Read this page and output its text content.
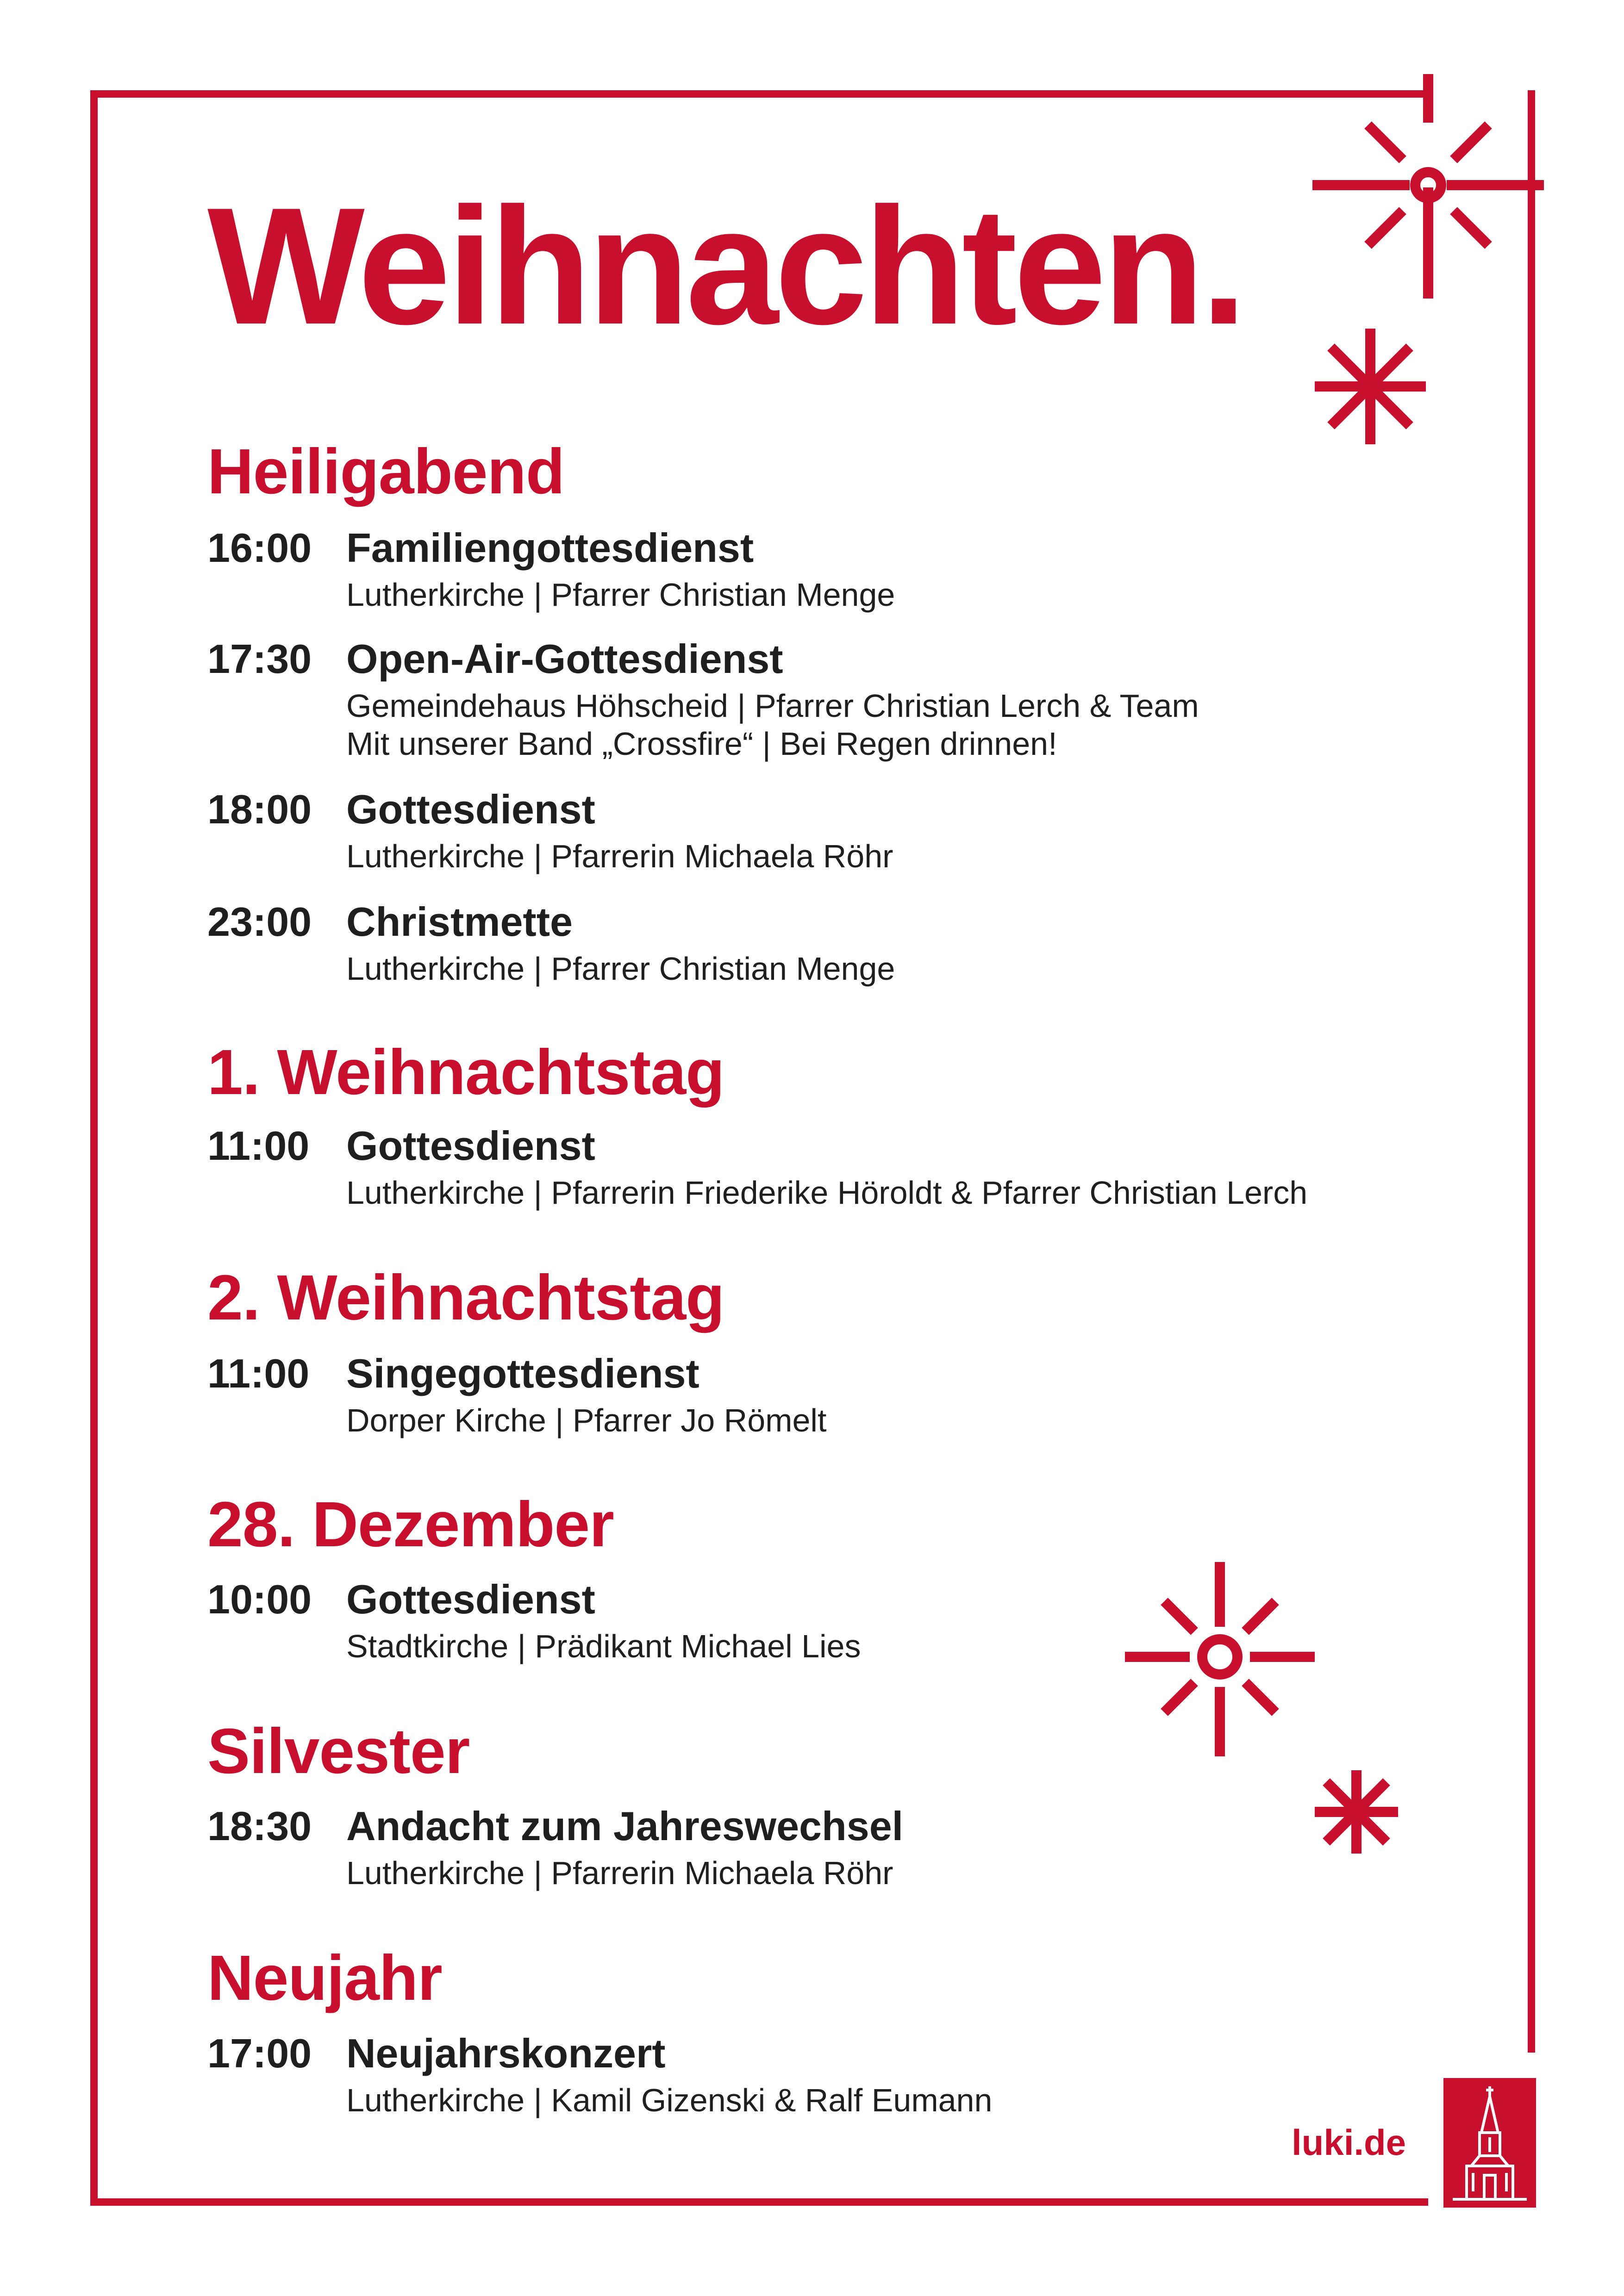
Weihnachten.
Heiligabend
16:00 Familiengottesdienst
Lutherkirche | Pfarrer Christian Menge
17:30 Open-Air-Gottesdienst
Gemeindehaus Höhscheid | Pfarrer Christian Lerch & Team
Mit unserer Band „Crossfire“ | Bei Regen drinnen!
18:00 Gottesdienst
Lutherkirche | Pfarrerin Michaela Röhr
23:00 Christmette
Lutherkirche | Pfarrer Christian Menge
1. Weihnachtstag
11:00 Gottesdienst
Lutherkirche | Pfarrerin Friederike Höroldt & Pfarrer Christian Lerch
2. Weihnachtstag
11:00 Singegottesdienst
Dorper Kirche | Pfarrer Jo Römelt
28. Dezember
10:00 Gottesdienst
Stadtkirche | Prädikant Michael Lies
Silvester
18:30 Andacht zum Jahreswechsel
Lutherkirche | Pfarrerin Michaela Röhr
Neujahr
17:00 Neujahrskonzert
Lutherkirche | Kamil Gizenski & Ralf Eumann
luki.de
